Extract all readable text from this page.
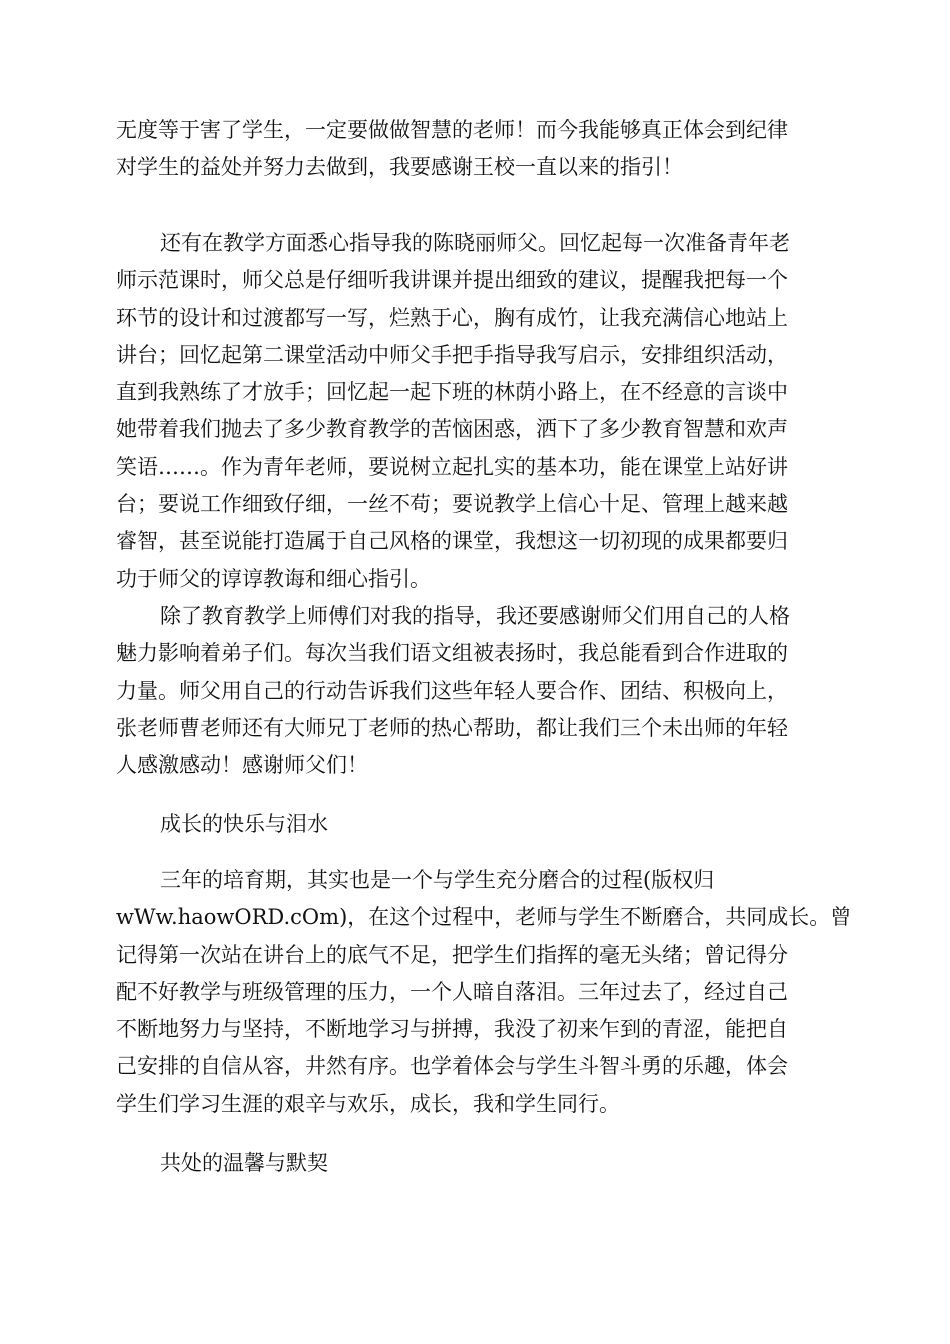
无度等于害了学生，一定要做做智慧的老师！而今我能够真正体会到纪律
对学生的益处并努力去做到，我要感谢王校一直以来的指引！
还有在教学方面悉心指导我的陈晓丽师父。回忆起每一次准备青年老
师示范课时，师父总是仔细听我讲课并提出细致的建议，提醒我把每一个
环节的设计和过渡都写一写，烂熟于心，胸有成竹，让我充满信心地站上
讲台；回忆起第二课堂活动中师父手把手指导我写启示，安排组织活动，
直到我熟练了才放手；回忆起一起下班的林荫小路上，在不经意的言谈中
她带着我们抛去了多少教育教学的苦恼困惑，洒下了多少教育智慧和欢声
笑语……。作为青年老师，要说树立起扎实的基本功，能在课堂上站好讲
台；要说工作细致仔细，一丝不苟；要说教学上信心十足、管理上越来越
睿智，甚至说能打造属于自己风格的课堂，我想这一切初现的成果都要归
功于师父的谆谆教诲和细心指引。
除了教育教学上师傅们对我的指导，我还要感谢师父们用自己的人格
魅力影响着弟子们。每次当我们语文组被表扬时，我总能看到合作进取的
力量。师父用自己的行动告诉我们这些年轻人要合作、团结、积极向上，
张老师曹老师还有大师兄丁老师的热心帮助，都让我们三个未出师的年轻
人感激感动！感谢师父们！
成长的快乐与泪水
三年的培育期，其实也是一个与学生充分磨合的过程(版权归
wWw.haowORD.cOm)，在这个过程中，老师与学生不断磨合，共同成长。曾
记得第一次站在讲台上的底气不足，把学生们指挥的毫无头绪；曾记得分
配不好教学与班级管理的压力，一个人暗自落泪。三年过去了，经过自己
不断地努力与坚持，不断地学习与拼搏，我没了初来乍到的青涩，能把自
己安排的自信从容，井然有序。也学着体会与学生斗智斗勇的乐趣，体会
学生们学习生涯的艰辛与欢乐，成长，我和学生同行。
共处的温馨与默契
